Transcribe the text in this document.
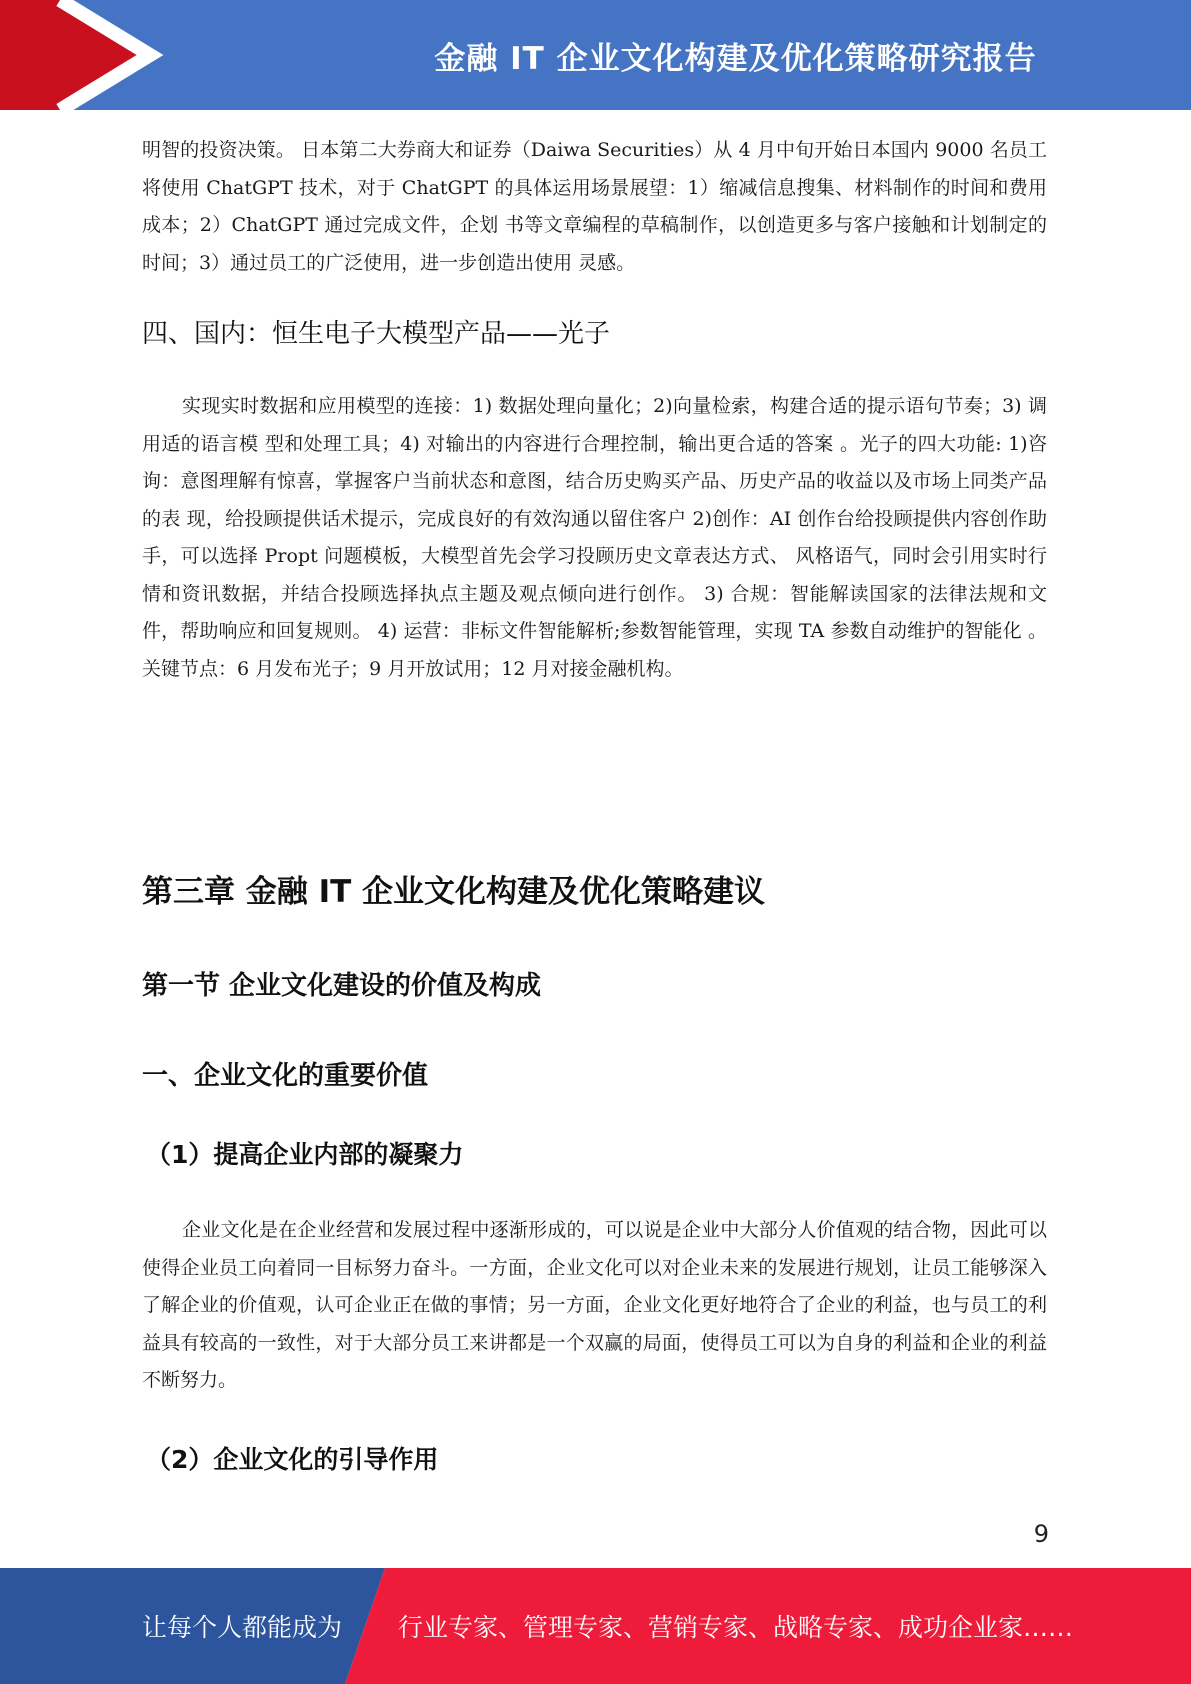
金融 IT 企业文化构建及优化策略研究报告

明智的投资决策。 日本第二大券商大和证券（Daiwa Securities）从 4 月中旬开始日本国内 9000 名员工将使用 ChatGPT 技术，对于 ChatGPT 的具体运用场景展望：1）缩减信息搜集、材料制作的时间和费用成本；2）ChatGPT 通过完成文件，企划 书等文章编程的草稿制作，以创造更多与客户接触和计划制定的时间；3）通过员工的广泛使用，进一步创造出使用 灵感。

四、国内：恒生电子大模型产品——光子

实现实时数据和应用模型的连接：1) 数据处理向量化；2)向量检索，构建合适的提示语句节奏；3) 调用适的语言模 型和处理工具；4) 对输出的内容进行合理控制，输出更合适的答案 。光子的四大功能: 1)咨询：意图理解有惊喜，掌握客户当前状态和意图，结合历史购买产品、历史产品的收益以及市场上同类产品的表 现，给投顾提供话术提示，完成良好的有效沟通以留住客户 2)创作：AI 创作台给投顾提供内容创作助手，可以选择 Propt 问题模板，大模型首先会学习投顾历史文章表达方式、 风格语气，同时会引用实时行情和资讯数据，并结合投顾选择执点主题及观点倾向进行创作。 3) 合规：智能解读国家的法律法规和文件，帮助响应和回复规则。 4) 运营：非标文件智能解析;参数智能管理，实现 TA 参数自动维护的智能化 。关键节点：6 月发布光子；9 月开放试用；12 月对接金融机构。

第三章 金融 IT 企业文化构建及优化策略建议
第一节 企业文化建设的价值及构成
一、企业文化的重要价值
（1）提高企业内部的凝聚力

企业文化是在企业经营和发展过程中逐渐形成的，可以说是企业中大部分人价值观的结合物，因此可以使得企业员工向着同一目标努力奋斗。一方面，企业文化可以对企业未来的发展进行规划，让员工能够深入了解企业的价值观，认可企业正在做的事情；另一方面，企业文化更好地符合了企业的利益，也与员工的利益具有较高的一致性，对于大部分员工来讲都是一个双赢的局面，使得员工可以为自身的利益和企业的利益不断努力。

（2）企业文化的引导作用
9
让每个人都能成为 行业专家、管理专家、营销专家、战略专家、成功企业家……
